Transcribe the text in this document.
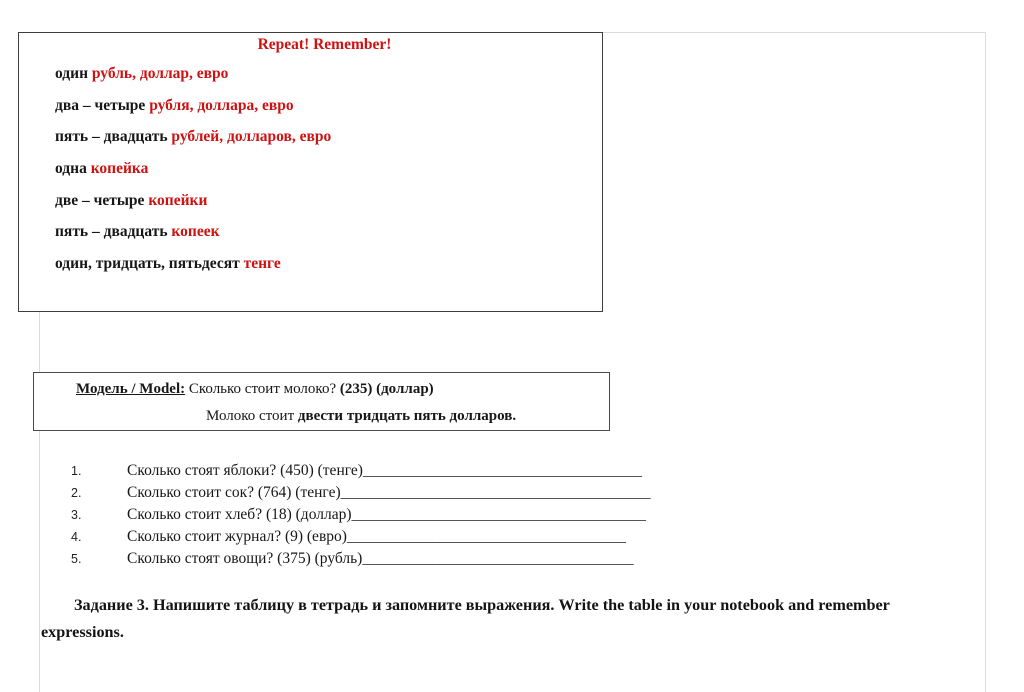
Repeat! Remember!
один рубль, доллар, евро
два – четыре рубля, доллара, евро
пять – двадцать рублей, долларов, евро
одна копейка
две – четыре копейки
пять – двадцать копеек
один, тридцать, пятьдесят тенге
Модель / Model: Сколько стоит молоко? (235) (доллар)
Молоко стоит двести тридцать пять долларов.
1.	Сколько стоят яблоки? (450) (тенге) ____________________________________
2.	Сколько стоит сок? (764) (тенге) ________________________________________
3.	Сколько стоит хлеб? (18) (доллар) ______________________________________
4.	Сколько стоит журнал? (9) (евро) ____________________________________
5.	Сколько стоят овощи? (375) (рубль) ___________________________________
Задание 3. Напишите таблицу в тетрадь и запомните выражения. Write the table in your notebook and remember
expressions.
